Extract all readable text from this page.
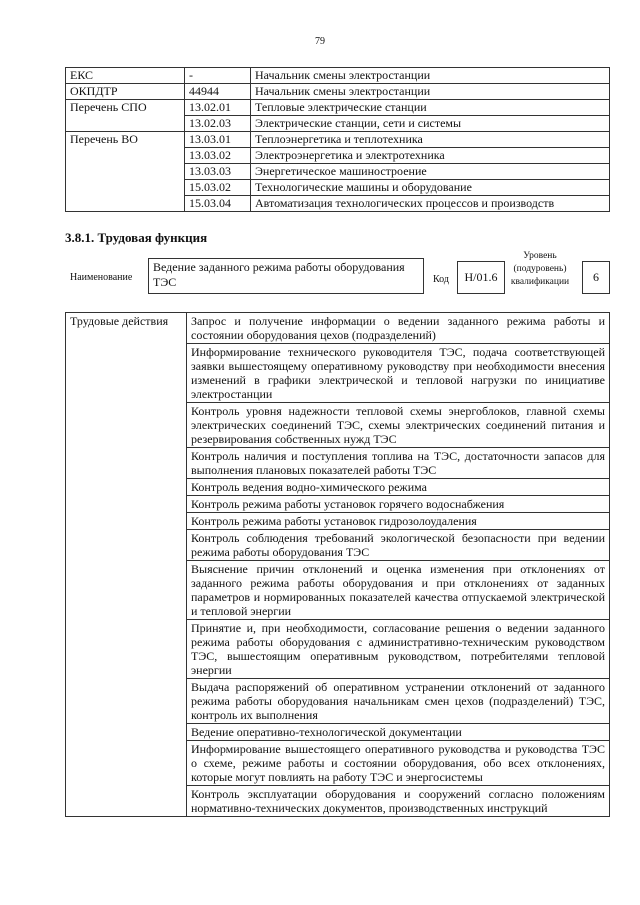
79
ЕКС	-	Начальник смены электростанции
ОКПДТР	44944	Начальник смены электростанции
Перечень СПО	13.02.01	Тепловые электрические станции
	13.02.03	Электрические станции, сети и системы
Перечень ВО	13.03.01	Теплоэнергетика и теплотехника
	13.03.02	Электроэнергетика и электротехника
	13.03.03	Энергетическое машиностроение
	15.03.02	Технологические машины и оборудование
	15.03.04	Автоматизация технологических процессов и производств
3.8.1. Трудовая функция
Наименование
Ведение заданного режима работы оборудования ТЭС	Код	Н/01.6
Уровень
(подуровень)
квалификации	6
Трудовые действия	Запрос и получение информации о ведении заданного режима работы и состоянии оборудования цехов (подразделений)
Информирование технического руководителя ТЭС, подача соответствующей заявки вышестоящему оперативному руководству при необходимости внесения изменений в графики электрической и тепловой нагрузки по инициативе электростанции
Контроль уровня надежности тепловой схемы энергоблоков, главной схемы электрических соединений ТЭС, схемы электрических соединений питания и резервирования собственных нужд ТЭС
Контроль наличия и поступления топлива на ТЭС, достаточности запасов для выполнения плановых показателей работы ТЭС
Контроль ведения водно-химического режима
Контроль режима работы установок горячего водоснабжения
Контроль режима работы установок гидрозолоудаления
Контроль соблюдения требований экологической безопасности при ведении режима работы оборудования ТЭС
Выяснение причин отклонений и оценка изменения при отклонениях от заданного режима работы оборудования и при отклонениях от заданных параметров и нормированных показателей качества отпускаемой электрической и тепловой энергии
Принятие и, при необходимости, согласование решения о ведении заданного режима работы оборудования с административно-техническим руководством ТЭС, вышестоящим оперативным руководством, потребителями тепловой энергии
Выдача распоряжений об оперативном устранении отклонений от заданного режима работы оборудования начальникам смен цехов (подразделений) ТЭС, контроль их выполнения
Ведение оперативно-технологической документации
Информирование вышестоящего оперативного руководства и руководства ТЭС о схеме, режиме работы и состоянии оборудования, обо всех отклонениях, которые могут повлиять на работу ТЭС и энергосистемы
Контроль эксплуатации оборудования и сооружений согласно положениям нормативно-технических документов, производственных инструкций
